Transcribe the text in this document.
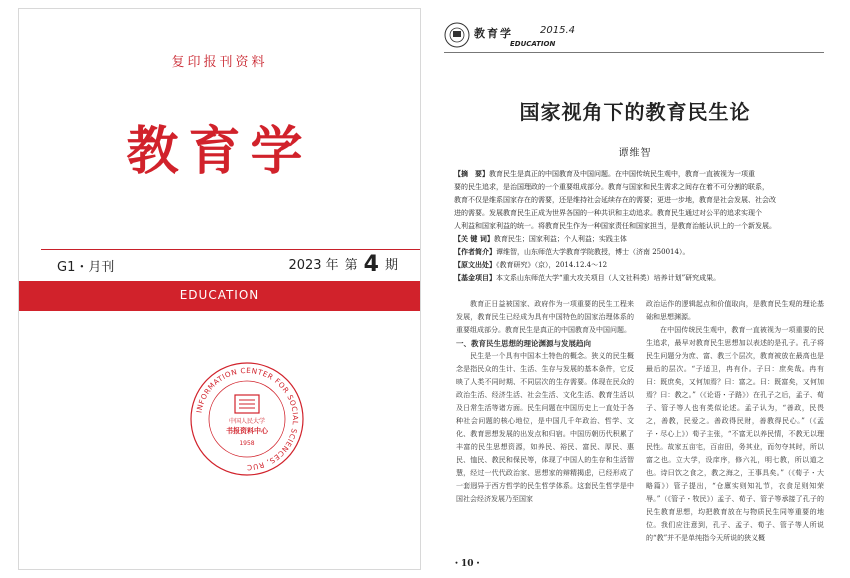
复印报刊资料
教育学
G1・月刊	2023 年 第 4 期
EDUCATION
INFORMATION CENTER FOR SOCIAL SCIENCES, RUC
中国人民大学
书报资料中心
1958
教育学	2015.4
EDUCATION
国家视角下的教育民生论
谭维智
【摘　要】教育民生是真正的中国教育及中国问题。在中国传统民生观中，教育一直被视为一项重
要的民生追求，是治国理政的一个重要组成部分。教育与国家和民生需求之间存在着不可分割的联系，
教育不仅是维系国家存在的需要，还是维持社会延续存在的需要；更进一步地，教育是社会发展、社会改
进的需要。发展教育民生正成为世界各国的一种共识和主动追求。教育民生通过对公平的追求实现个
人利益和国家利益的统一。将教育民生作为一种国家责任和国家担当，是教育治能认识上的一个新发展。
【关 键 词】教育民生；国家利益；个人利益；实践主体
【作者简介】谭维智，山东师范大学教育学院教授，博士（济南 250014）。
【原文出处】《教育研究》（京），2014.12.4～12
【基金项目】本文系山东师范大学“重大攻关项目（人文社科类）培养计划”研究成果。

教育正日益被国家、政府作为一项重要的民生工程来发展，教育民生已经成为具有中国特色的国家治理体系的重要组成部分。教育民生是真正的中国教育及中国问题。

一、教育民生思想的理论渊源与发展趋向

民生是一个具有中国本土特色的概念。狭义的民生概念是指民众的生计、生活、生存与发展的基本条件，它反映了人类不同时期、不同层次的生存需要。体现在民众的政治生活、经济生活、社会生活、文化生活、教育生活以及日常生活等诸方面。民生问题在中国历史上一直处于各种社会问题的核心地位，是中国几千年政治、哲学、文化、教育思想发展的出发点和归宿。中国历朝历代积累了丰富的民生思想资源，如养民、裕民、富民、厚民、惠民、恤民、教民和保民等，体现了中国人的生存和生活智慧，经过一代代政治家、思想家的辩精揭虑，已经形成了一套迥异于西方哲学的民生哲学体系。这套民生哲学是中国社会经济发展乃至国家

政治运作的逻辑起点和价值取向，是教育民生观的理论基础和思想渊源。

在中国传统民生观中，教育一直被视为一项重要的民生追求，最早对教育民生思想加以表述的是孔子。孔子将民生问题分为庶、富、教三个层次，教育被放在最高也是最后的层次。“子适卫，冉有仆。子曰：庶矣哉。冉有曰：既庶矣，又何加焉？曰：富之。曰：既富矣，又何加焉？曰：教之。”（《论语・子路》）在孔子之后，孟子、荀子、管子等人也有类似论述。孟子认为，“善政，民畏之，善教，民爱之。善政得民财，善教得民心。”（《孟子・尽心上》）荀子主张，“不富无以养民情，不教无以理民性。故家五亩宅，百亩田，务其业，而勿夺其时，所以富之也。立大学，设庠序，修六礼，明七教，所以道之也。诗曰饮之食之，教之海之，王事具矣。”（《荀子・大略篇》）管子提出，“仓廪实则知礼节，衣食足则知荣辱。”（《管子・牧民》）孟子、荀子、管子等承接了孔子的民生教育思想，均把教育放在与物质民生同等重要的地位。我们应注意到，孔子、孟子、荀子、管子等人所说的“教”并不是单纯指今天所说的狭义概

・10・
